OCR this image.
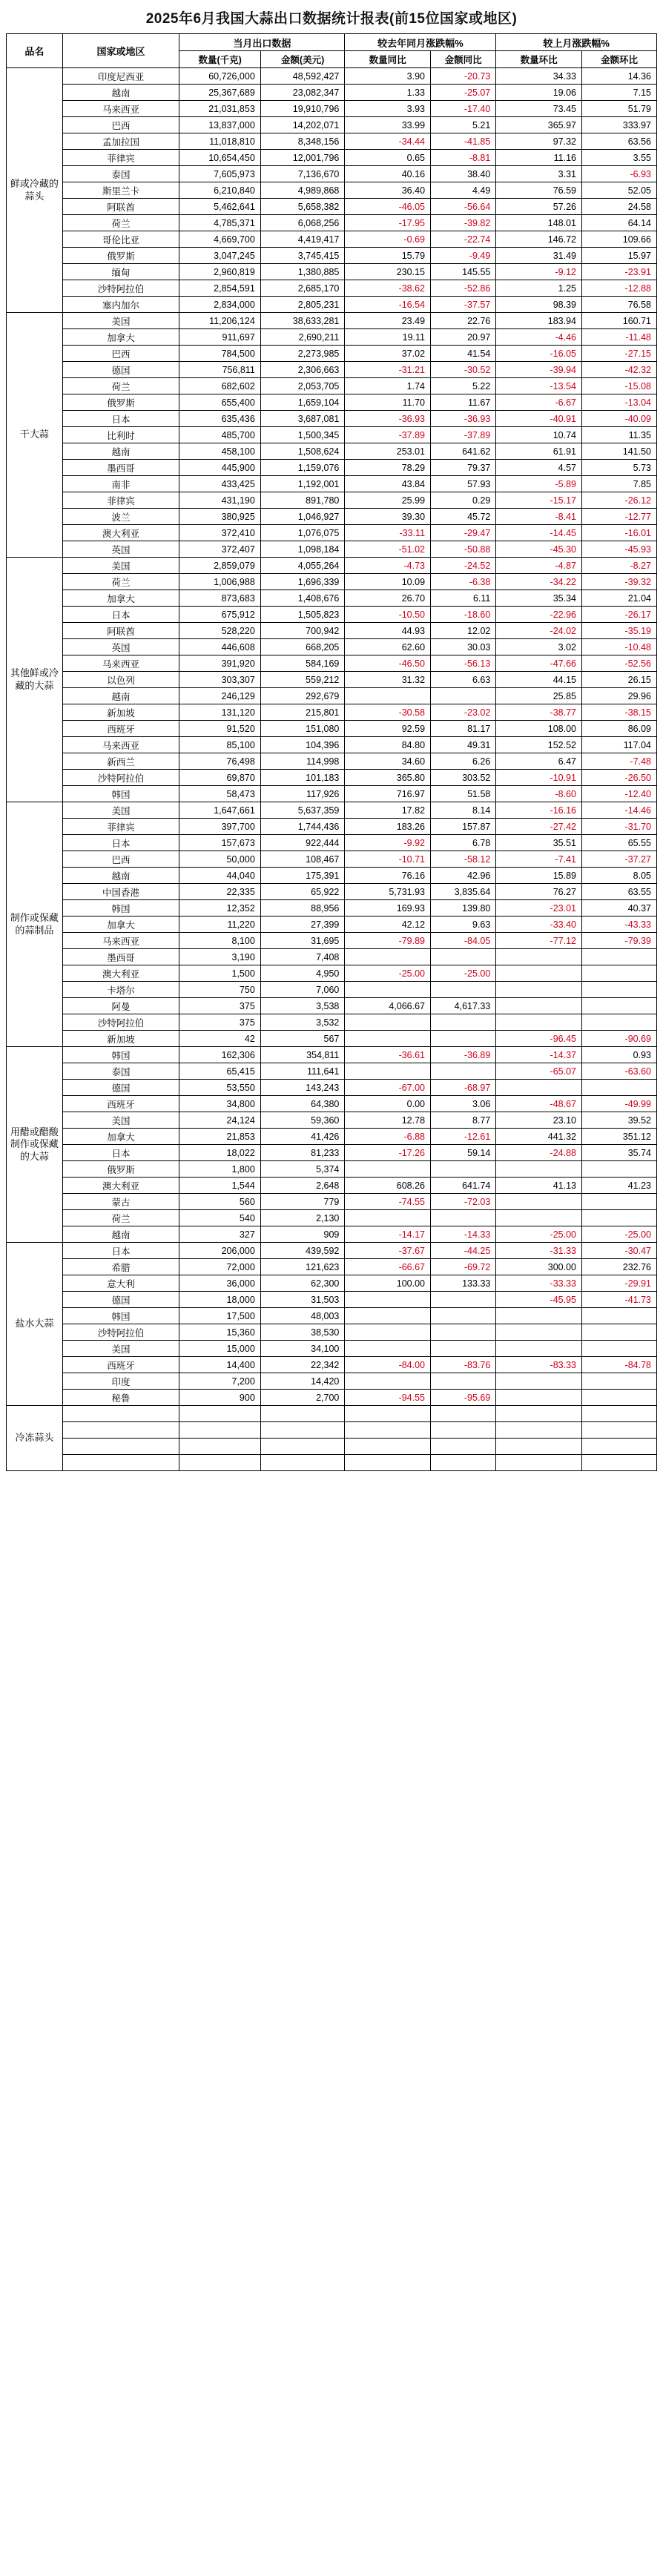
2025年6月我国大蒜出口数据统计报表(前15位国家或地区)
品名	国家或地区	当月出口数据		较去年同月涨跌幅%		较上月涨跌幅%	
		数量(千克)	金额(美元)	数量同比	金额同比	数量环比	金额环比
鲜或冷藏的蒜头	印度尼西亚	60,726,000	48,592,427	3.90	-20.73	34.33	14.36
	越南	25,367,689	23,082,347	1.33	-25.07	19.06	7.15
	马来西亚	21,031,853	19,910,796	3.93	-17.40	73.45	51.79
	巴西	13,837,000	14,202,071	33.99	5.21	365.97	333.97
	孟加拉国	11,018,810	8,348,156	-34.44	-41.85	97.32	63.56
	菲律宾	10,654,450	12,001,796	0.65	-8.81	11.16	3.55
	泰国	7,605,973	7,136,670	40.16	38.40	3.31	-6.93
	斯里兰卡	6,210,840	4,989,868	36.40	4.49	76.59	52.05
	阿联酋	5,462,641	5,658,382	-46.05	-56.64	57.26	24.58
	荷兰	4,785,371	6,068,256	-17.95	-39.82	148.01	64.14
	哥伦比亚	4,669,700	4,419,417	-0.69	-22.74	146.72	109.66
	俄罗斯	3,047,245	3,745,415	15.79	-9.49	31.49	15.97
	缅甸	2,960,819	1,380,885	230.15	145.55	-9.12	-23.91
	沙特阿拉伯	2,854,591	2,685,170	-38.62	-52.86	1.25	-12.88
	塞内加尔	2,834,000	2,805,231	-16.54	-37.57	98.39	76.58
干大蒜	美国	11,206,124	38,633,281	23.49	22.76	183.94	160.71
	加拿大	911,697	2,690,211	19.11	20.97	-4.46	-11.48
	巴西	784,500	2,273,985	37.02	41.54	-16.05	-27.15
	德国	756,811	2,306,663	-31.21	-30.52	-39.94	-42.32
	荷兰	682,602	2,053,705	1.74	5.22	-13.54	-15.08
	俄罗斯	655,400	1,659,104	11.70	11.67	-6.67	-13.04
	日本	635,436	3,687,081	-36.93	-36.93	-40.91	-40.09
	比利时	485,700	1,500,345	-37.89	-37.89	10.74	11.35
	越南	458,100	1,508,624	253.01	641.62	61.91	141.50
	墨西哥	445,900	1,159,076	78.29	79.37	4.57	5.73
	南非	433,425	1,192,001	43.84	57.93	-5.89	7.85
	菲律宾	431,190	891,780	25.99	0.29	-15.17	-26.12
	波兰	380,925	1,046,927	39.30	45.72	-8.41	-12.77
	澳大利亚	372,410	1,076,075	-33.11	-29.47	-14.45	-16.01
	英国	372,407	1,098,184	-51.02	-50.88	-45.30	-45.93
其他鲜或冷藏的大蒜	美国	2,859,079	4,055,264	-4.73	-24.52	-4.87	-8.27
	荷兰	1,006,988	1,696,339	10.09	-6.38	-34.22	-39.32
	加拿大	873,683	1,408,676	26.70	6.11	35.34	21.04
	日本	675,912	1,505,823	-10.50	-18.60	-22.96	-26.17
	阿联酋	528,220	700,942	44.93	12.02	-24.02	-35.19
	英国	446,608	668,205	62.60	30.03	3.02	-10.48
	马来西亚	391,920	584,169	-46.50	-56.13	-47.66	-52.56
	以色列	303,307	559,212	31.32	6.63	44.15	26.15
	越南	246,129	292,679			25.85	29.96
	新加坡	131,120	215,801	-30.58	-23.02	-38.77	-38.15
	西班牙	91,520	151,080	92.59	81.17	108.00	86.09
	马来西亚	85,100	104,396	84.80	49.31	152.52	117.04
	新西兰	76,498	114,998	34.60	6.26	6.47	-7.48
	沙特阿拉伯	69,870	101,183	365.80	303.52	-10.91	-26.50
	韩国	58,473	117,926	716.97	51.58	-8.60	-12.40
制作或保藏的蒜制品	美国	1,647,661	5,637,359	17.82	8.14	-16.16	-14.46
	菲律宾	397,700	1,744,436	183.26	157.87	-27.42	-31.70
	日本	157,673	922,444	-9.92	6.78	35.51	65.55
	巴西	50,000	108,467	-10.71	-58.12	-7.41	-37.27
	越南	44,040	175,391	76.16	42.96	15.89	8.05
	中国香港	22,335	65,922	5,731.93	3,835.64	76.27	63.55
	韩国	12,352	88,956	169.93	139.80	-23.01	40.37
	加拿大	11,220	27,399	42.12	9.63	-33.40	-43.33
	马来西亚	8,100	31,695	-79.89	-84.05	-77.12	-79.39
	墨西哥	3,190	7,408				
	澳大利亚	1,500	4,950	-25.00	-25.00		
	卡塔尔	750	7,060				
	阿曼	375	3,538	4,066.67	4,617.33		
	沙特阿拉伯	375	3,532				
	新加坡	42	567			-96.45	-90.69
用醋或醋酸制作或保藏的大蒜	韩国	162,306	354,811	-36.61	-36.89	-14.37	0.93
	泰国	65,415	111,641			-65.07	-63.60
	德国	53,550	143,243	-67.00	-68.97		
	西班牙	34,800	64,380	0.00	3.06	-48.67	-49.99
	美国	24,124	59,360	12.78	8.77	23.10	39.52
	加拿大	21,853	41,426	-6.88	-12.61	441.32	351.12
	日本	18,022	81,233	-17.26	59.14	-24.88	35.74
	俄罗斯	1,800	5,374				
	澳大利亚	1,544	2,648	608.26	641.74	41.13	41.23
	蒙古	560	779	-74.55	-72.03		
	荷兰	540	2,130				
	越南	327	909	-14.17	-14.33	-25.00	-25.00
盐水大蒜	日本	206,000	439,592	-37.67	-44.25	-31.33	-30.47
	希腊	72,000	121,623	-66.67	-69.72	300.00	232.76
	意大利	36,000	62,300	100.00	133.33	-33.33	-29.91
	德国	18,000	31,503			-45.95	-41.73
	韩国	17,500	48,003				
	沙特阿拉伯	15,360	38,530				
	美国	15,000	34,100				
	西班牙	14,400	22,342	-84.00	-83.76	-83.33	-84.78
	印度	7,200	14,420				
	秘鲁	900	2,700	-94.55	-95.69		
冷冻蒜头							
